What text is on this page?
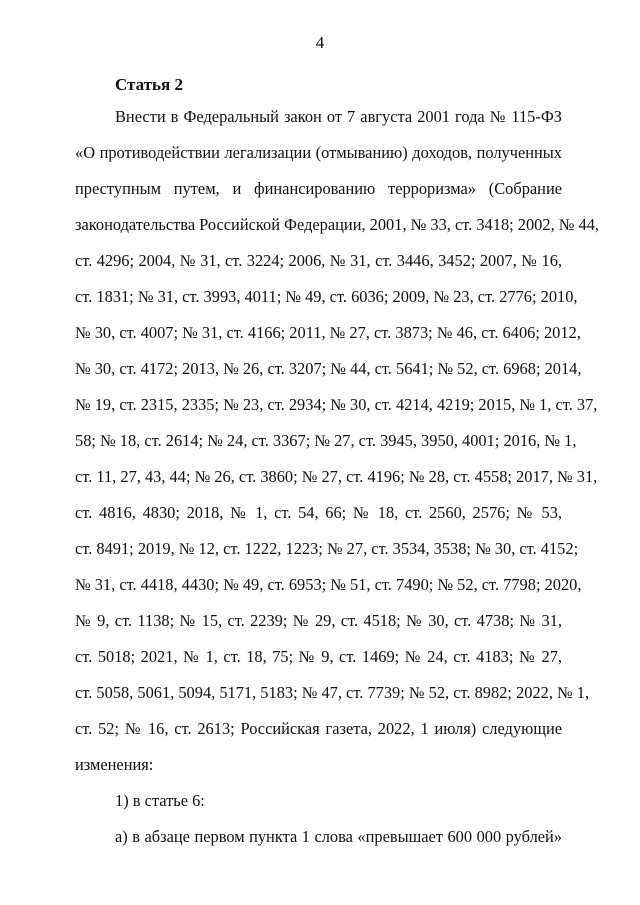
4
Статья 2
Внести в Федеральный закон от 7 августа 2001 года № 115-ФЗ
«О противодействии легализации (отмыванию) доходов, полученных
преступным путем, и финансированию терроризма» (Собрание
законодательства Российской Федерации, 2001, № 33, ст. 3418; 2002, № 44,
ст. 4296; 2004, № 31, ст. 3224; 2006, № 31, ст. 3446, 3452; 2007, № 16,
ст. 1831; № 31, ст. 3993, 4011; № 49, ст. 6036; 2009, № 23, ст. 2776; 2010,
№ 30, ст. 4007; № 31, ст. 4166; 2011, № 27, ст. 3873; № 46, ст. 6406; 2012,
№ 30, ст. 4172; 2013, № 26, ст. 3207; № 44, ст. 5641; № 52, ст. 6968; 2014,
№ 19, ст. 2315, 2335; № 23, ст. 2934; № 30, ст. 4214, 4219; 2015, № 1, ст. 37,
58; № 18, ст. 2614; № 24, ст. 3367; № 27, ст. 3945, 3950, 4001; 2016, № 1,
ст. 11, 27, 43, 44; № 26, ст. 3860; № 27, ст. 4196; № 28, ст. 4558; 2017, № 31,
ст. 4816, 4830; 2018, № 1, ст. 54, 66; № 18, ст. 2560, 2576; № 53,
ст. 8491; 2019, № 12, ст. 1222, 1223; № 27, ст. 3534, 3538; № 30, ст. 4152;
№ 31, ст. 4418, 4430; № 49, ст. 6953; № 51, ст. 7490; № 52, ст. 7798; 2020,
№ 9, ст. 1138; № 15, ст. 2239; № 29, ст. 4518; № 30, ст. 4738; № 31,
ст. 5018; 2021, № 1, ст. 18, 75; № 9, ст. 1469; № 24, ст. 4183; № 27,
ст. 5058, 5061, 5094, 5171, 5183; № 47, ст. 7739; № 52, ст. 8982; 2022, № 1,
ст. 52; № 16, ст. 2613; Российская газета, 2022, 1 июля) следующие
изменения:
1) в статье 6:
а) в абзаце первом пункта 1 слова «превышает 600 000 рублей»
